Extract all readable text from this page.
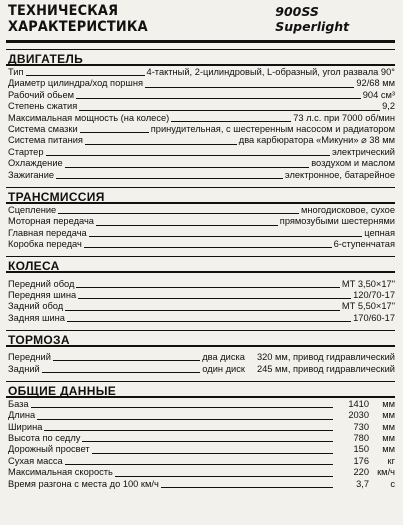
ТЕХНИЧЕСКАЯ ХАРАКТЕРИСТИКА
900SS Superlight
ДВИГАТЕЛЬ
Тип	4-тактный, 2-цилиндровый, L-образный, угол развала 90°
Диаметр цилиндра/ход поршня	92/68 мм
Рабочий обьем	904 см³
Степень сжатия	9,2
Максимальная мощность (на колесе)	73 л.с. при 7000 об/мин
Система смазки	принудительная, с шестеренным насосом и радиатором
Система питания	два карбюратора «Микуни» ⌀ 38 мм
Стартер	электрический
Охлаждение	воздухом и маслом
Зажигание	электронное, батарейное
ТРАНСМИССИЯ
Сцепление	многодисковое, сухое
Моторная передача	прямозубыми шестернями
Главная передача	цепная
Коробка передач	6-ступенчатая
КОЛЕСА
Передний обод	МТ 3,50×17"
Передняя шина	120/70-17
Задний обод	МТ 5,50×17"
Задняя шина	170/60-17
ТОРМОЗА
Передний	два диска 320 мм, привод гидравлический
Задний	один диск 245 мм, привод гидравлический
ОБЩИЕ ДАННЫЕ
База	1410	мм
Длина	2030	мм
Ширина	730	мм
Высота по седлу	780	мм
Дорожный просвет	150	мм
Сухая масса	176	кг
Максимальная скорость	220 км/ч
Время разгона с места до 100 км/ч	3,7	с
